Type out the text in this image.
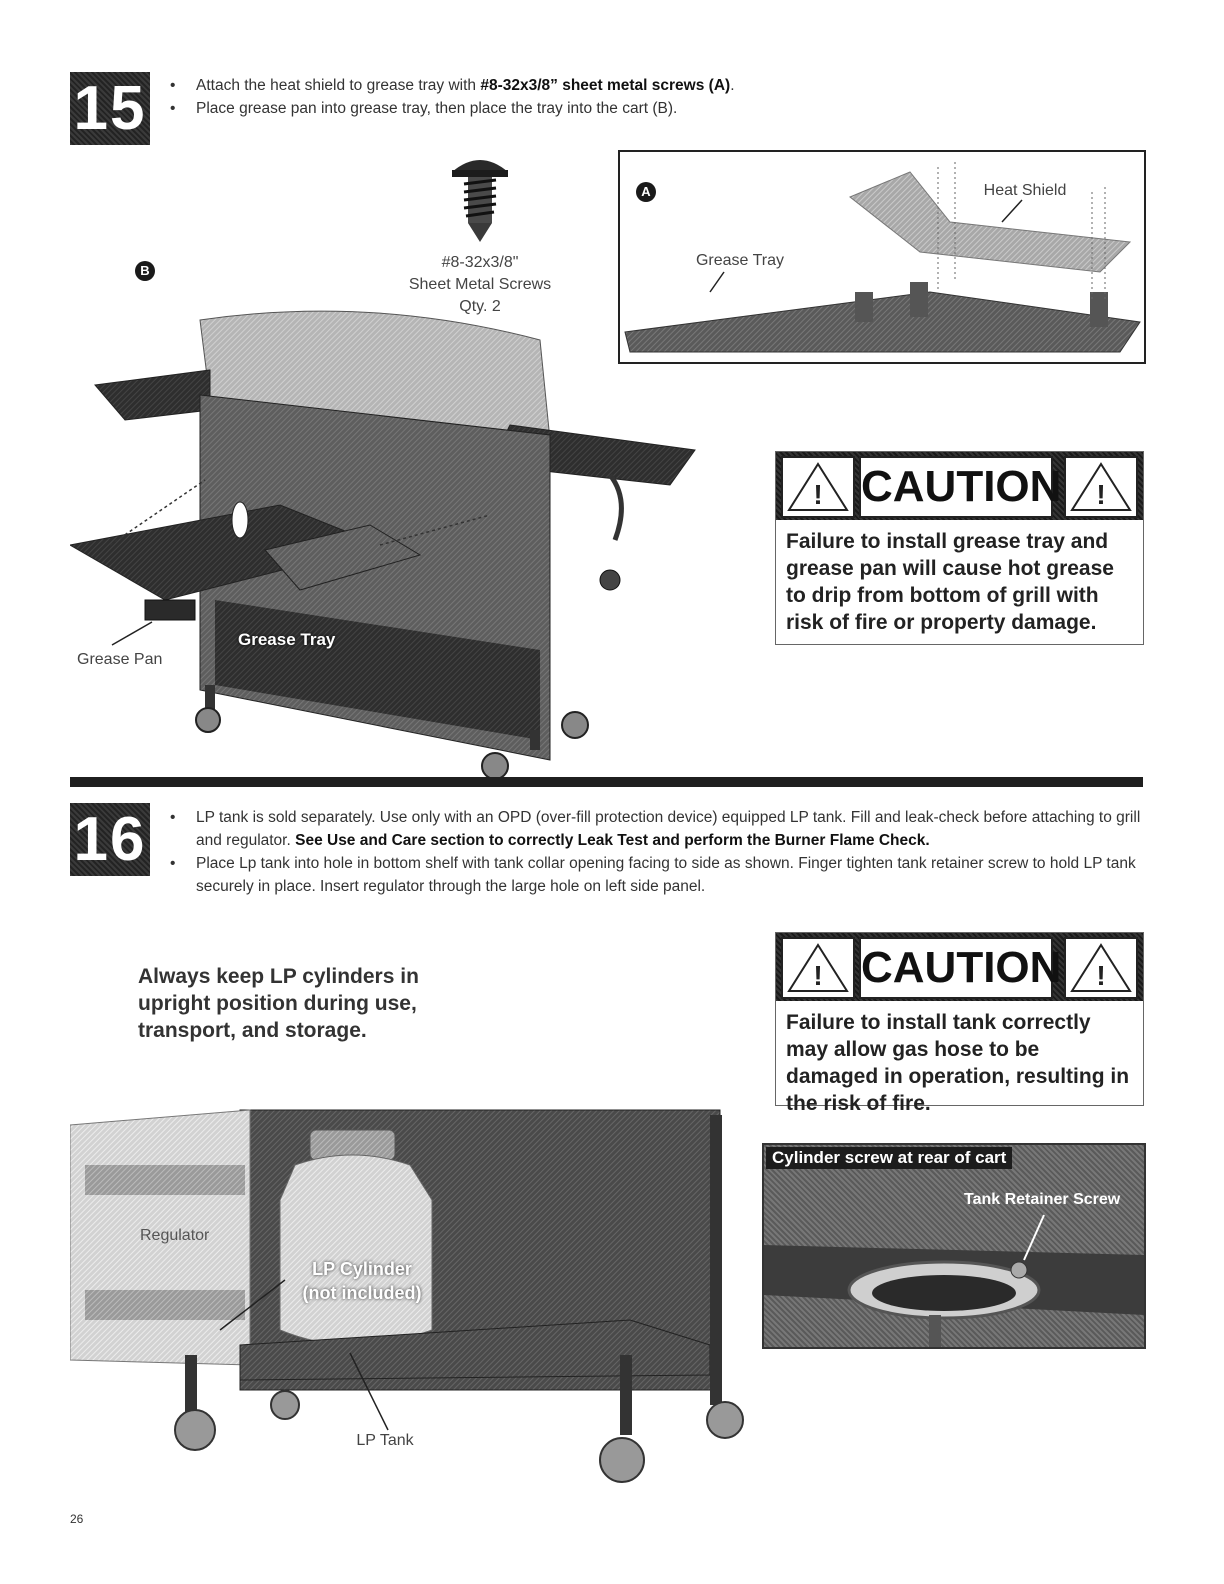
15	• Attach the heat shield to grease tray with #8-32x3/8” sheet metal screws (A).
• Place grease pan into grease tray, then place the tray into the cart (B).
#8-32x3/8"
Sheet Metal Screws
Qty. 2
B
Grease Pan
Grease Tray
A
Grease Tray
Heat Shield
! CAUTION !
Failure to install grease tray and grease pan will cause hot grease to drip from bottom of grill with risk of fire or property damage.
16	• LP tank is sold separately. Use only with an OPD (over-fill protection device) equipped LP tank. Fill and leak-check before attaching to grill and regulator. See Use and Care section to correctly Leak Test and perform the Burner Flame Check.
• Place Lp tank into hole in bottom shelf with tank collar opening facing to side as shown. Finger tighten tank retainer screw to hold LP tank securely in place. Insert regulator through the large hole on left side panel.
Always keep LP cylinders in upright position during use, transport, and storage.
! CAUTION !
Failure to install tank correctly may allow gas hose to be damaged in operation, resulting in the risk of fire.
Regulator
LP Cylinder
(not included)
LP Tank
Cylinder screw at rear of cart
Tank Retainer Screw
26
